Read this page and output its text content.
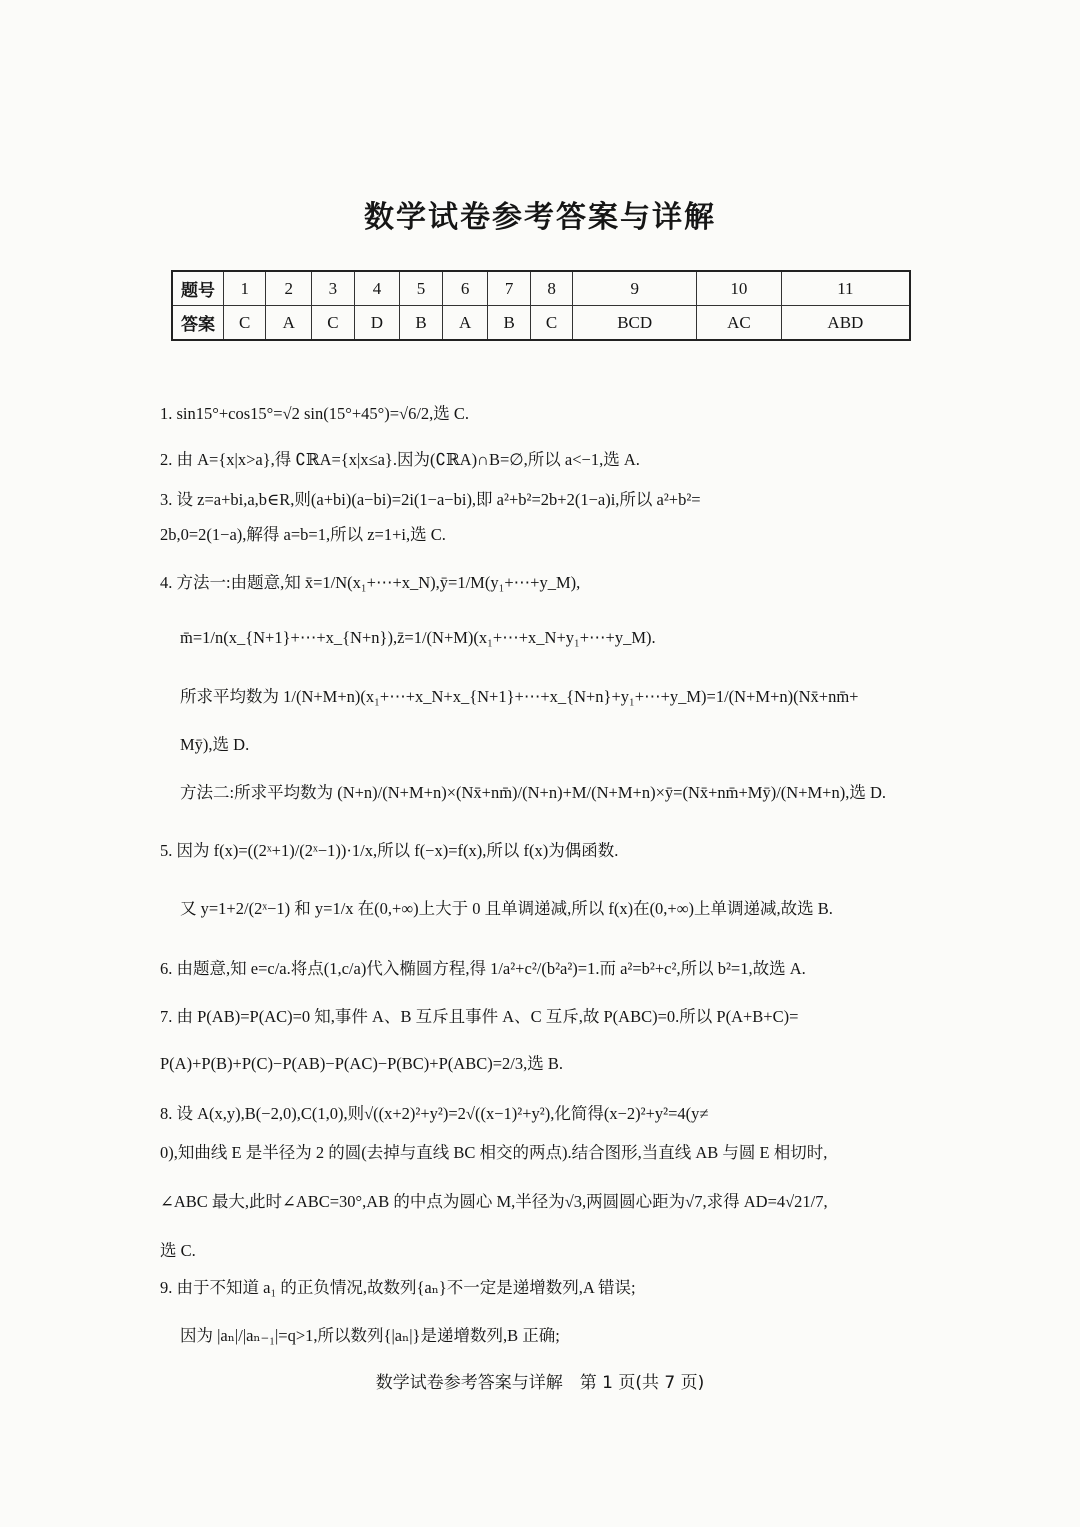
数学试卷参考答案与详解
题号	1	2	3	4	5	6	7	8	9	10	11
答案	C	A	C	D	B	A	B	C	BCD	AC	ABD
1. sin15°+cos15°=√2 sin(15°+45°)=√6/2,选 C.
2. 由 A={x|x>a},得 ∁ℝA={x|x≤a}.因为(∁ℝA)∩B=∅,所以 a<−1,选 A.
3. 设 z=a+bi,a,b∈R,则(a+bi)(a−bi)=2i(1−a−bi),即 a²+b²=2b+2(1−a)i,所以 a²+b²=
2b,0=2(1−a),解得 a=b=1,所以 z=1+i,选 C.
4. 方法一:由题意,知 x̄=1/N(x₁+⋯+x_N),ȳ=1/M(y₁+⋯+y_M),
m̄=1/n(x_{N+1}+⋯+x_{N+n}),z̄=1/(N+M)(x₁+⋯+x_N+y₁+⋯+y_M).
所求平均数为 1/(N+M+n)(x₁+⋯+x_N+x_{N+1}+⋯+x_{N+n}+y₁+⋯+y_M)=1/(N+M+n)(Nx̄+nm̄+
Mȳ),选 D.
方法二:所求平均数为 (N+n)/(N+M+n)×(Nx̄+nm̄)/(N+n)+M/(N+M+n)×ȳ=(Nx̄+nm̄+Mȳ)/(N+M+n),选 D.
5. 因为 f(x)=((2ˣ+1)/(2ˣ−1))·1/x,所以 f(−x)=f(x),所以 f(x)为偶函数.
又 y=1+2/(2ˣ−1) 和 y=1/x 在(0,+∞)上大于 0 且单调递减,所以 f(x)在(0,+∞)上单调递减,故选 B.
6. 由题意,知 e=c/a.将点(1,c/a)代入椭圆方程,得 1/a²+c²/(b²a²)=1.而 a²=b²+c²,所以 b²=1,故选 A.
7. 由 P(AB)=P(AC)=0 知,事件 A、B 互斥且事件 A、C 互斥,故 P(ABC)=0.所以 P(A+B+C)=
P(A)+P(B)+P(C)−P(AB)−P(AC)−P(BC)+P(ABC)=2/3,选 B.
8. 设 A(x,y),B(−2,0),C(1,0),则√((x+2)²+y²)=2√((x−1)²+y²),化简得(x−2)²+y²=4(y≠
0),知曲线 E 是半径为 2 的圆(去掉与直线 BC 相交的两点).结合图形,当直线 AB 与圆 E 相切时,
∠ABC 最大,此时∠ABC=30°,AB 的中点为圆心 M,半径为√3,两圆圆心距为√7,求得 AD=4√21/7,
选 C.
9. 由于不知道 a₁ 的正负情况,故数列{aₙ}不一定是递增数列,A 错误;
因为 |aₙ|/|aₙ₋₁|=q>1,所以数列{|aₙ|}是递增数列,B 正确;
数学试卷参考答案与详解　第 1 页(共 7 页)
